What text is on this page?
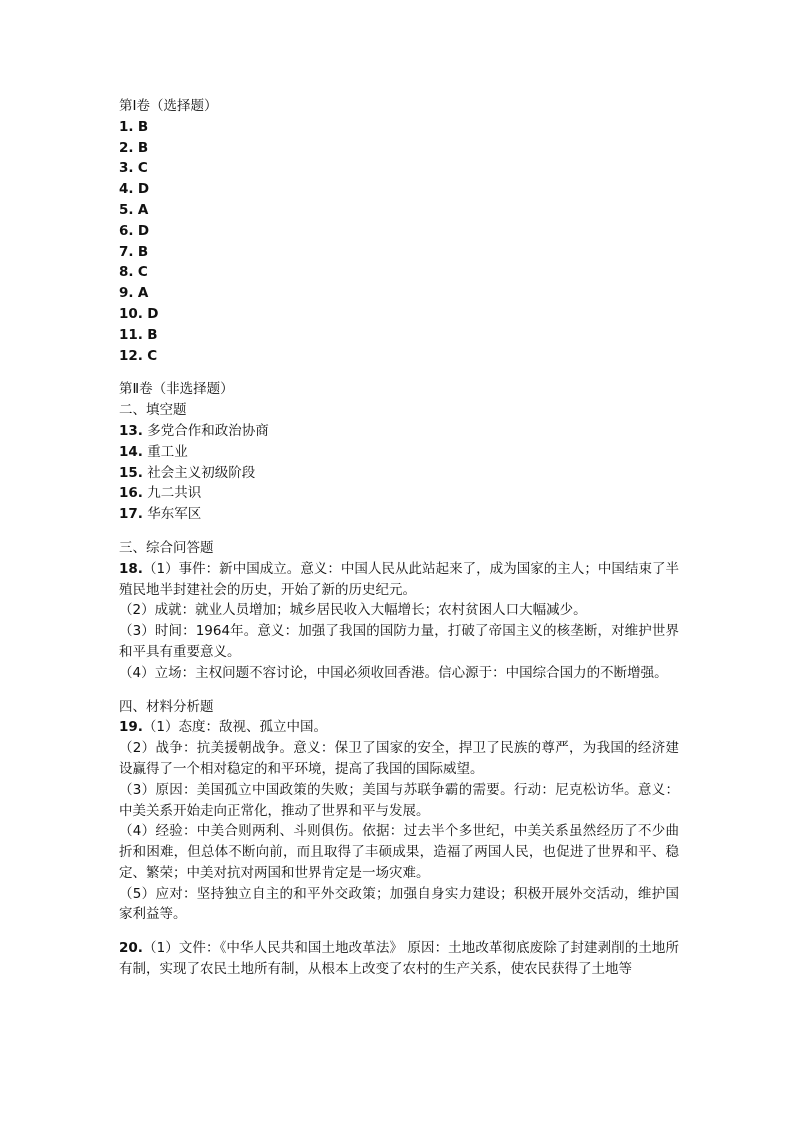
第Ⅰ卷（选择题）
1. B
2. B
3. C
4. D
5. A
6. D
7. B
8. C
9. A
10. D
11. B
12. C
第Ⅱ卷（非选择题）
二、填空题
13. 多党合作和政治协商
14. 重工业
15. 社会主义初级阶段
16. 九二共识
17. 华东军区
三、综合问答题
18.（1）事件：新中国成立。意义：中国人民从此站起来了，成为国家的主人；中国结束了半殖民地半封建社会的历史，开始了新的历史纪元。
（2）成就：就业人员增加；城乡居民收入大幅增长；农村贫困人口大幅减少。
（3）时间：1964年。意义：加强了我国的国防力量，打破了帝国主义的核垄断，对维护世界和平具有重要意义。
（4）立场：主权问题不容讨论，中国必须收回香港。信心源于：中国综合国力的不断增强。
四、材料分析题
19.（1）态度：敌视、孤立中国。
（2）战争：抗美援朝战争。意义：保卫了国家的安全，捍卫了民族的尊严，为我国的经济建设赢得了一个相对稳定的和平环境，提高了我国的国际威望。
（3）原因：美国孤立中国政策的失败；美国与苏联争霸的需要。行动：尼克松访华。意义：中美关系开始走向正常化，推动了世界和平与发展。
（4）经验：中美合则两利、斗则俱伤。依据：过去半个多世纪，中美关系虽然经历了不少曲折和困难，但总体不断向前，而且取得了丰硕成果，造福了两国人民，也促进了世界和平、稳定、繁荣；中美对抗对两国和世界肯定是一场灾难。
（5）应对：坚持独立自主的和平外交政策；加强自身实力建设；积极开展外交活动，维护国家利益等。
20.（1）文件：《中华人民共和国土地改革法》 原因：土地改革彻底废除了封建剥削的土地所有制，实现了农民土地所有制，从根本上改变了农村的生产关系，使农民获得了土地等
